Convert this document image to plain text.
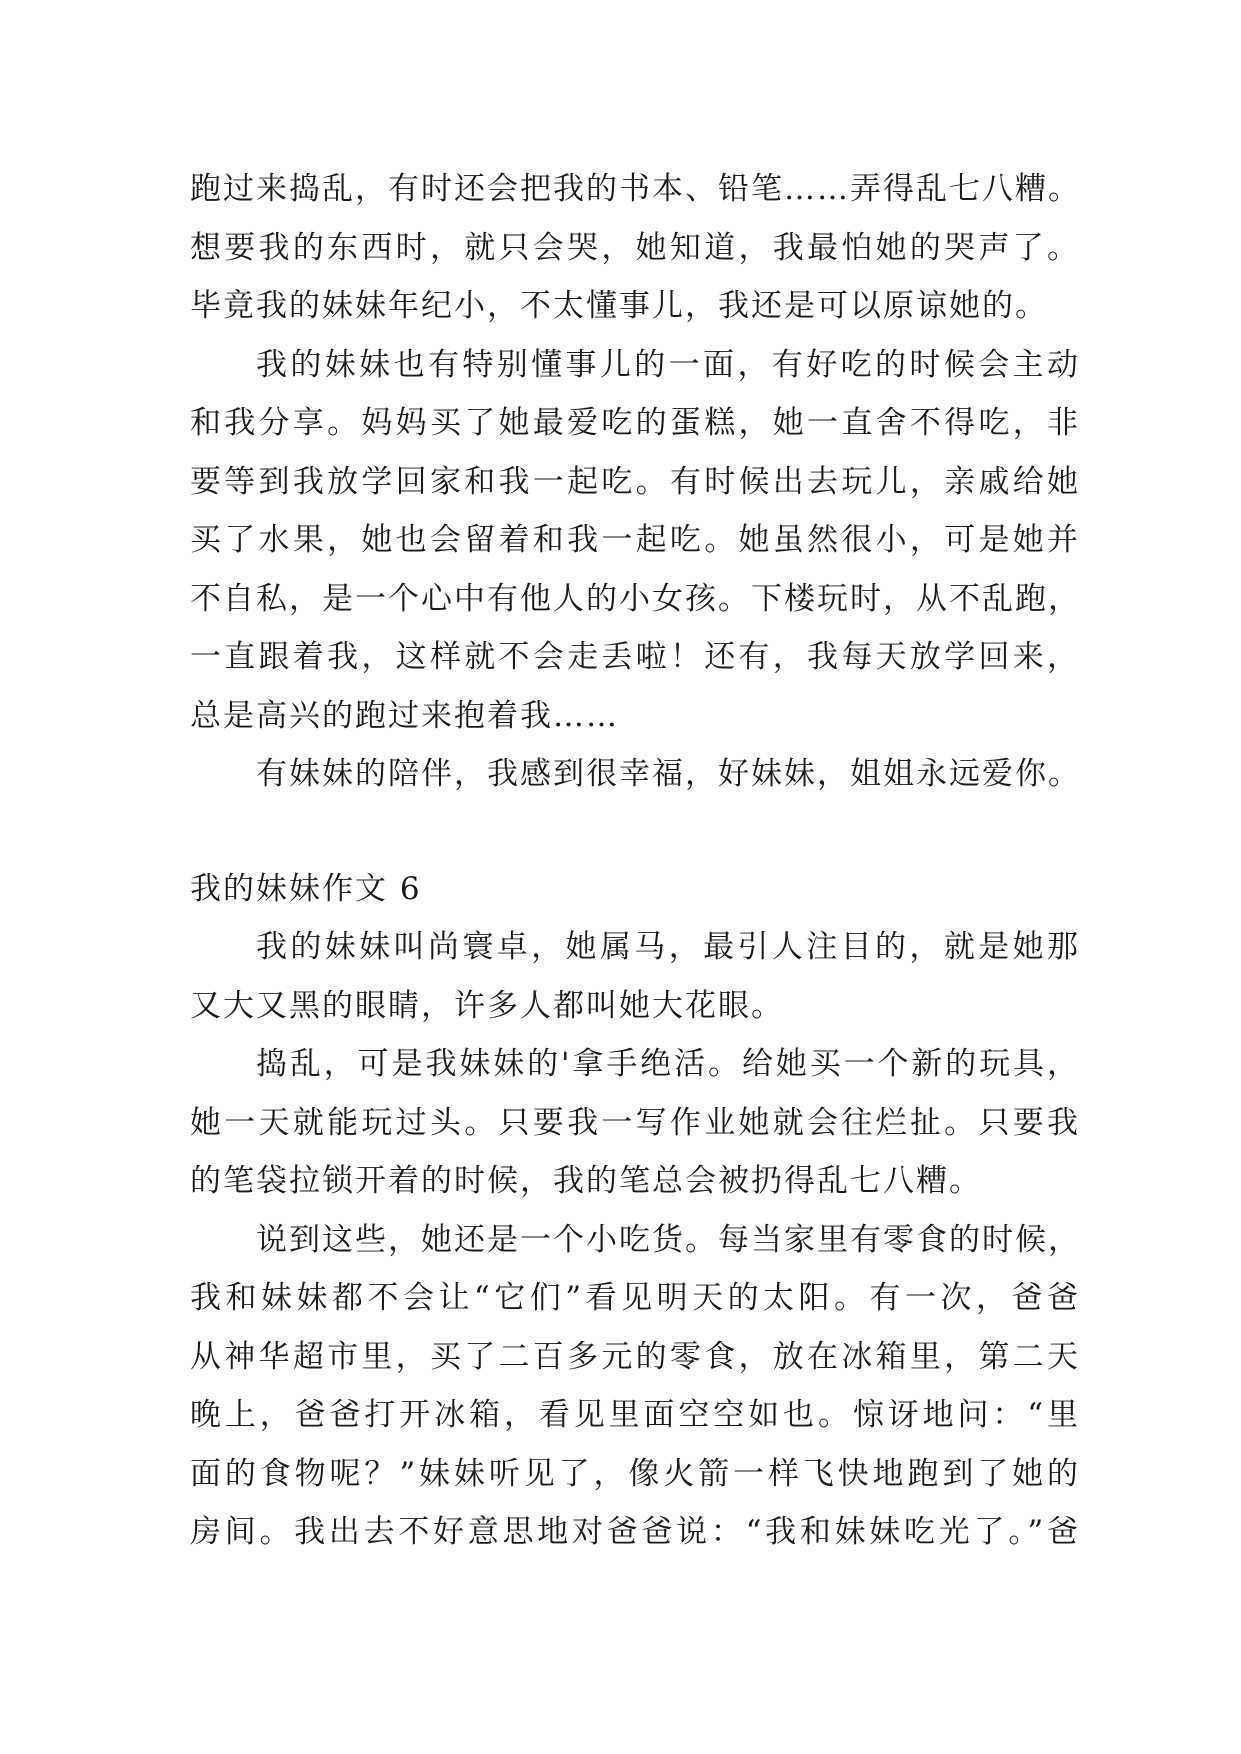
跑过来捣乱，有时还会把我的书本、铅笔……弄得乱七八糟。
想要我的东西时，就只会哭，她知道，我最怕她的哭声了。
毕竟我的妹妹年纪小，不太懂事儿，我还是可以原谅她的。
我的妹妹也有特别懂事儿的一面，有好吃的时候会主动
和我分享。妈妈买了她最爱吃的蛋糕，她一直舍不得吃，非
要等到我放学回家和我一起吃。有时候出去玩儿，亲戚给她
买了水果，她也会留着和我一起吃。她虽然很小，可是她并
不自私，是一个心中有他人的小女孩。下楼玩时，从不乱跑，
一直跟着我，这样就不会走丢啦！还有，我每天放学回来，
总是高兴的跑过来抱着我……
有妹妹的陪伴，我感到很幸福，好妹妹，姐姐永远爱你。
我的妹妹作文 6
我的妹妹叫尚寰卓，她属马，最引人注目的，就是她那
又大又黑的眼睛，许多人都叫她大花眼。
捣乱，可是我妹妹的'拿手绝活。给她买一个新的玩具，
她一天就能玩过头。只要我一写作业她就会往烂扯。只要我
的笔袋拉锁开着的时候，我的笔总会被扔得乱七八糟。
说到这些，她还是一个小吃货。每当家里有零食的时候，
我和妹妹都不会让“它们”看见明天的太阳。有一次，爸爸
从神华超市里，买了二百多元的零食，放在冰箱里，第二天
晚上，爸爸打开冰箱，看见里面空空如也。惊讶地问：“里
面的食物呢？”妹妹听见了，像火箭一样飞快地跑到了她的
房间。我出去不好意思地对爸爸说：“我和妹妹吃光了。”爸
